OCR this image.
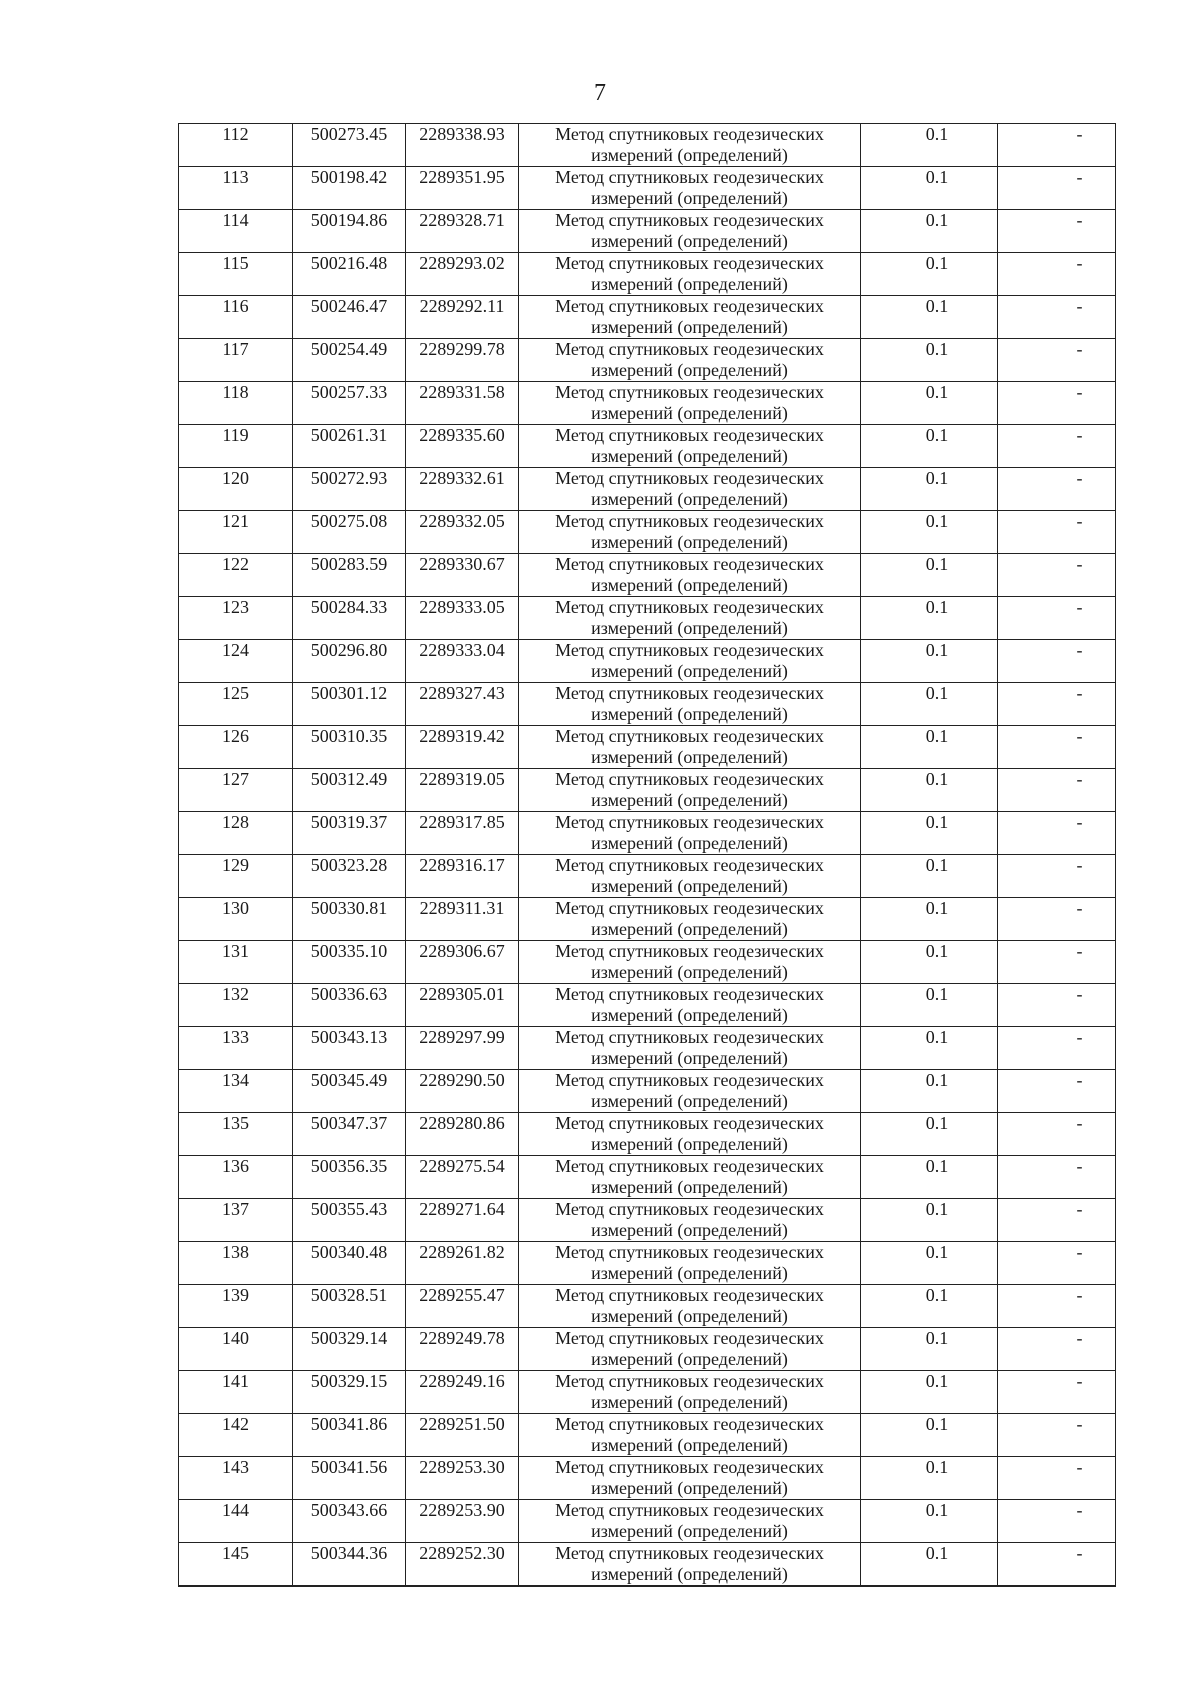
7
112	500273.45	2289338.93	Метод спутниковых геодезических
измерений (определений)	0.1	-
113	500198.42	2289351.95	Метод спутниковых геодезических
измерений (определений)	0.1	-
114	500194.86	2289328.71	Метод спутниковых геодезических
измерений (определений)	0.1	-
115	500216.48	2289293.02	Метод спутниковых геодезических
измерений (определений)	0.1	-
116	500246.47	2289292.11	Метод спутниковых геодезических
измерений (определений)	0.1	-
117	500254.49	2289299.78	Метод спутниковых геодезических
измерений (определений)	0.1	-
118	500257.33	2289331.58	Метод спутниковых геодезических
измерений (определений)	0.1	-
119	500261.31	2289335.60	Метод спутниковых геодезических
измерений (определений)	0.1	-
120	500272.93	2289332.61	Метод спутниковых геодезических
измерений (определений)	0.1	-
121	500275.08	2289332.05	Метод спутниковых геодезических
измерений (определений)	0.1	-
122	500283.59	2289330.67	Метод спутниковых геодезических
измерений (определений)	0.1	-
123	500284.33	2289333.05	Метод спутниковых геодезических
измерений (определений)	0.1	-
124	500296.80	2289333.04	Метод спутниковых геодезических
измерений (определений)	0.1	-
125	500301.12	2289327.43	Метод спутниковых геодезических
измерений (определений)	0.1	-
126	500310.35	2289319.42	Метод спутниковых геодезических
измерений (определений)	0.1	-
127	500312.49	2289319.05	Метод спутниковых геодезических
измерений (определений)	0.1	-
128	500319.37	2289317.85	Метод спутниковых геодезических
измерений (определений)	0.1	-
129	500323.28	2289316.17	Метод спутниковых геодезических
измерений (определений)	0.1	-
130	500330.81	2289311.31	Метод спутниковых геодезических
измерений (определений)	0.1	-
131	500335.10	2289306.67	Метод спутниковых геодезических
измерений (определений)	0.1	-
132	500336.63	2289305.01	Метод спутниковых геодезических
измерений (определений)	0.1	-
133	500343.13	2289297.99	Метод спутниковых геодезических
измерений (определений)	0.1	-
134	500345.49	2289290.50	Метод спутниковых геодезических
измерений (определений)	0.1	-
135	500347.37	2289280.86	Метод спутниковых геодезических
измерений (определений)	0.1	-
136	500356.35	2289275.54	Метод спутниковых геодезических
измерений (определений)	0.1	-
137	500355.43	2289271.64	Метод спутниковых геодезических
измерений (определений)	0.1	-
138	500340.48	2289261.82	Метод спутниковых геодезических
измерений (определений)	0.1	-
139	500328.51	2289255.47	Метод спутниковых геодезических
измерений (определений)	0.1	-
140	500329.14	2289249.78	Метод спутниковых геодезических
измерений (определений)	0.1	-
141	500329.15	2289249.16	Метод спутниковых геодезических
измерений (определений)	0.1	-
142	500341.86	2289251.50	Метод спутниковых геодезических
измерений (определений)	0.1	-
143	500341.56	2289253.30	Метод спутниковых геодезических
измерений (определений)	0.1	-
144	500343.66	2289253.90	Метод спутниковых геодезических
измерений (определений)	0.1	-
145	500344.36	2289252.30	Метод спутниковых геодезических
измерений (определений)	0.1	-
